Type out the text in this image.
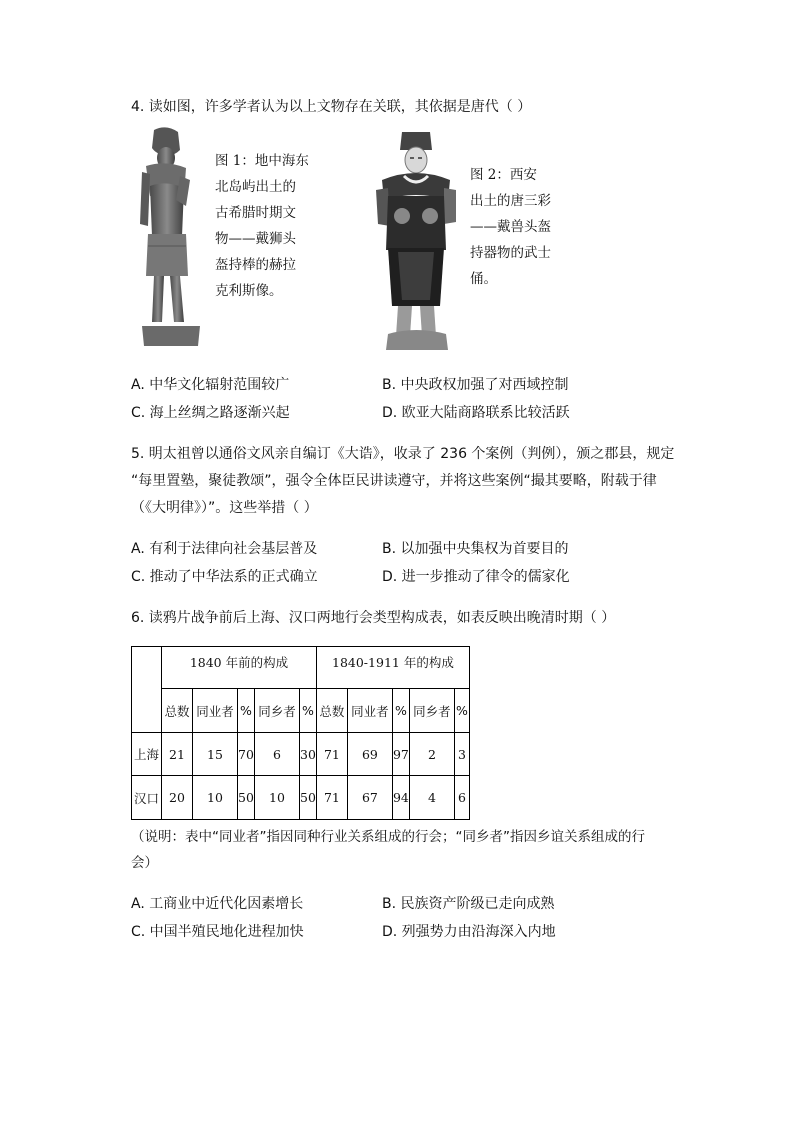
4. 读如图，许多学者认为以上文物存在关联，其依据是唐代（ ）
图 1：地中海东
北岛屿出土的
古希腊时期文
物——戴狮头
盔持棒的赫拉
克利斯像。
图 2：西安
出土的唐三彩
——戴兽头盔
持器物的武士
俑。
A. 中华文化辐射范围较广	B. 中央政权加强了对西域控制
C. 海上丝绸之路逐渐兴起	D. 欧亚大陆商路联系比较活跃
5. 明太祖曾以通俗文风亲自编订《大诰》，收录了 236 个案例（判例），颁之郡县，规定
“每里置塾，聚徒教颂”，强令全体臣民讲读遵守，并将这些案例“撮其要略，附载于律
（《大明律》）”。这些举措（ ）
A. 有利于法律向社会基层普及	B. 以加强中央集权为首要目的
C. 推动了中华法系的正式确立	D. 进一步推动了律令的儒家化
6. 读鸦片战争前后上海、汉口两地行会类型构成表，如表反映出晚清时期（ ）
	1840 年前的构成					1840-1911 年的构成				
	总数	同业者	%	同乡者	%	总数	同业者	%	同乡者	%
上海	21	15	70	6	30	71	69	97	2	3
汉口	20	10	50	10	50	71	67	94	4	6
（说明：表中“同业者”指因同种行业关系组成的行会；“同乡者”指因乡谊关系组成的行
会）
A. 工商业中近代化因素增长	B. 民族资产阶级已走向成熟
C. 中国半殖民地化进程加快	D. 列强势力由沿海深入内地
